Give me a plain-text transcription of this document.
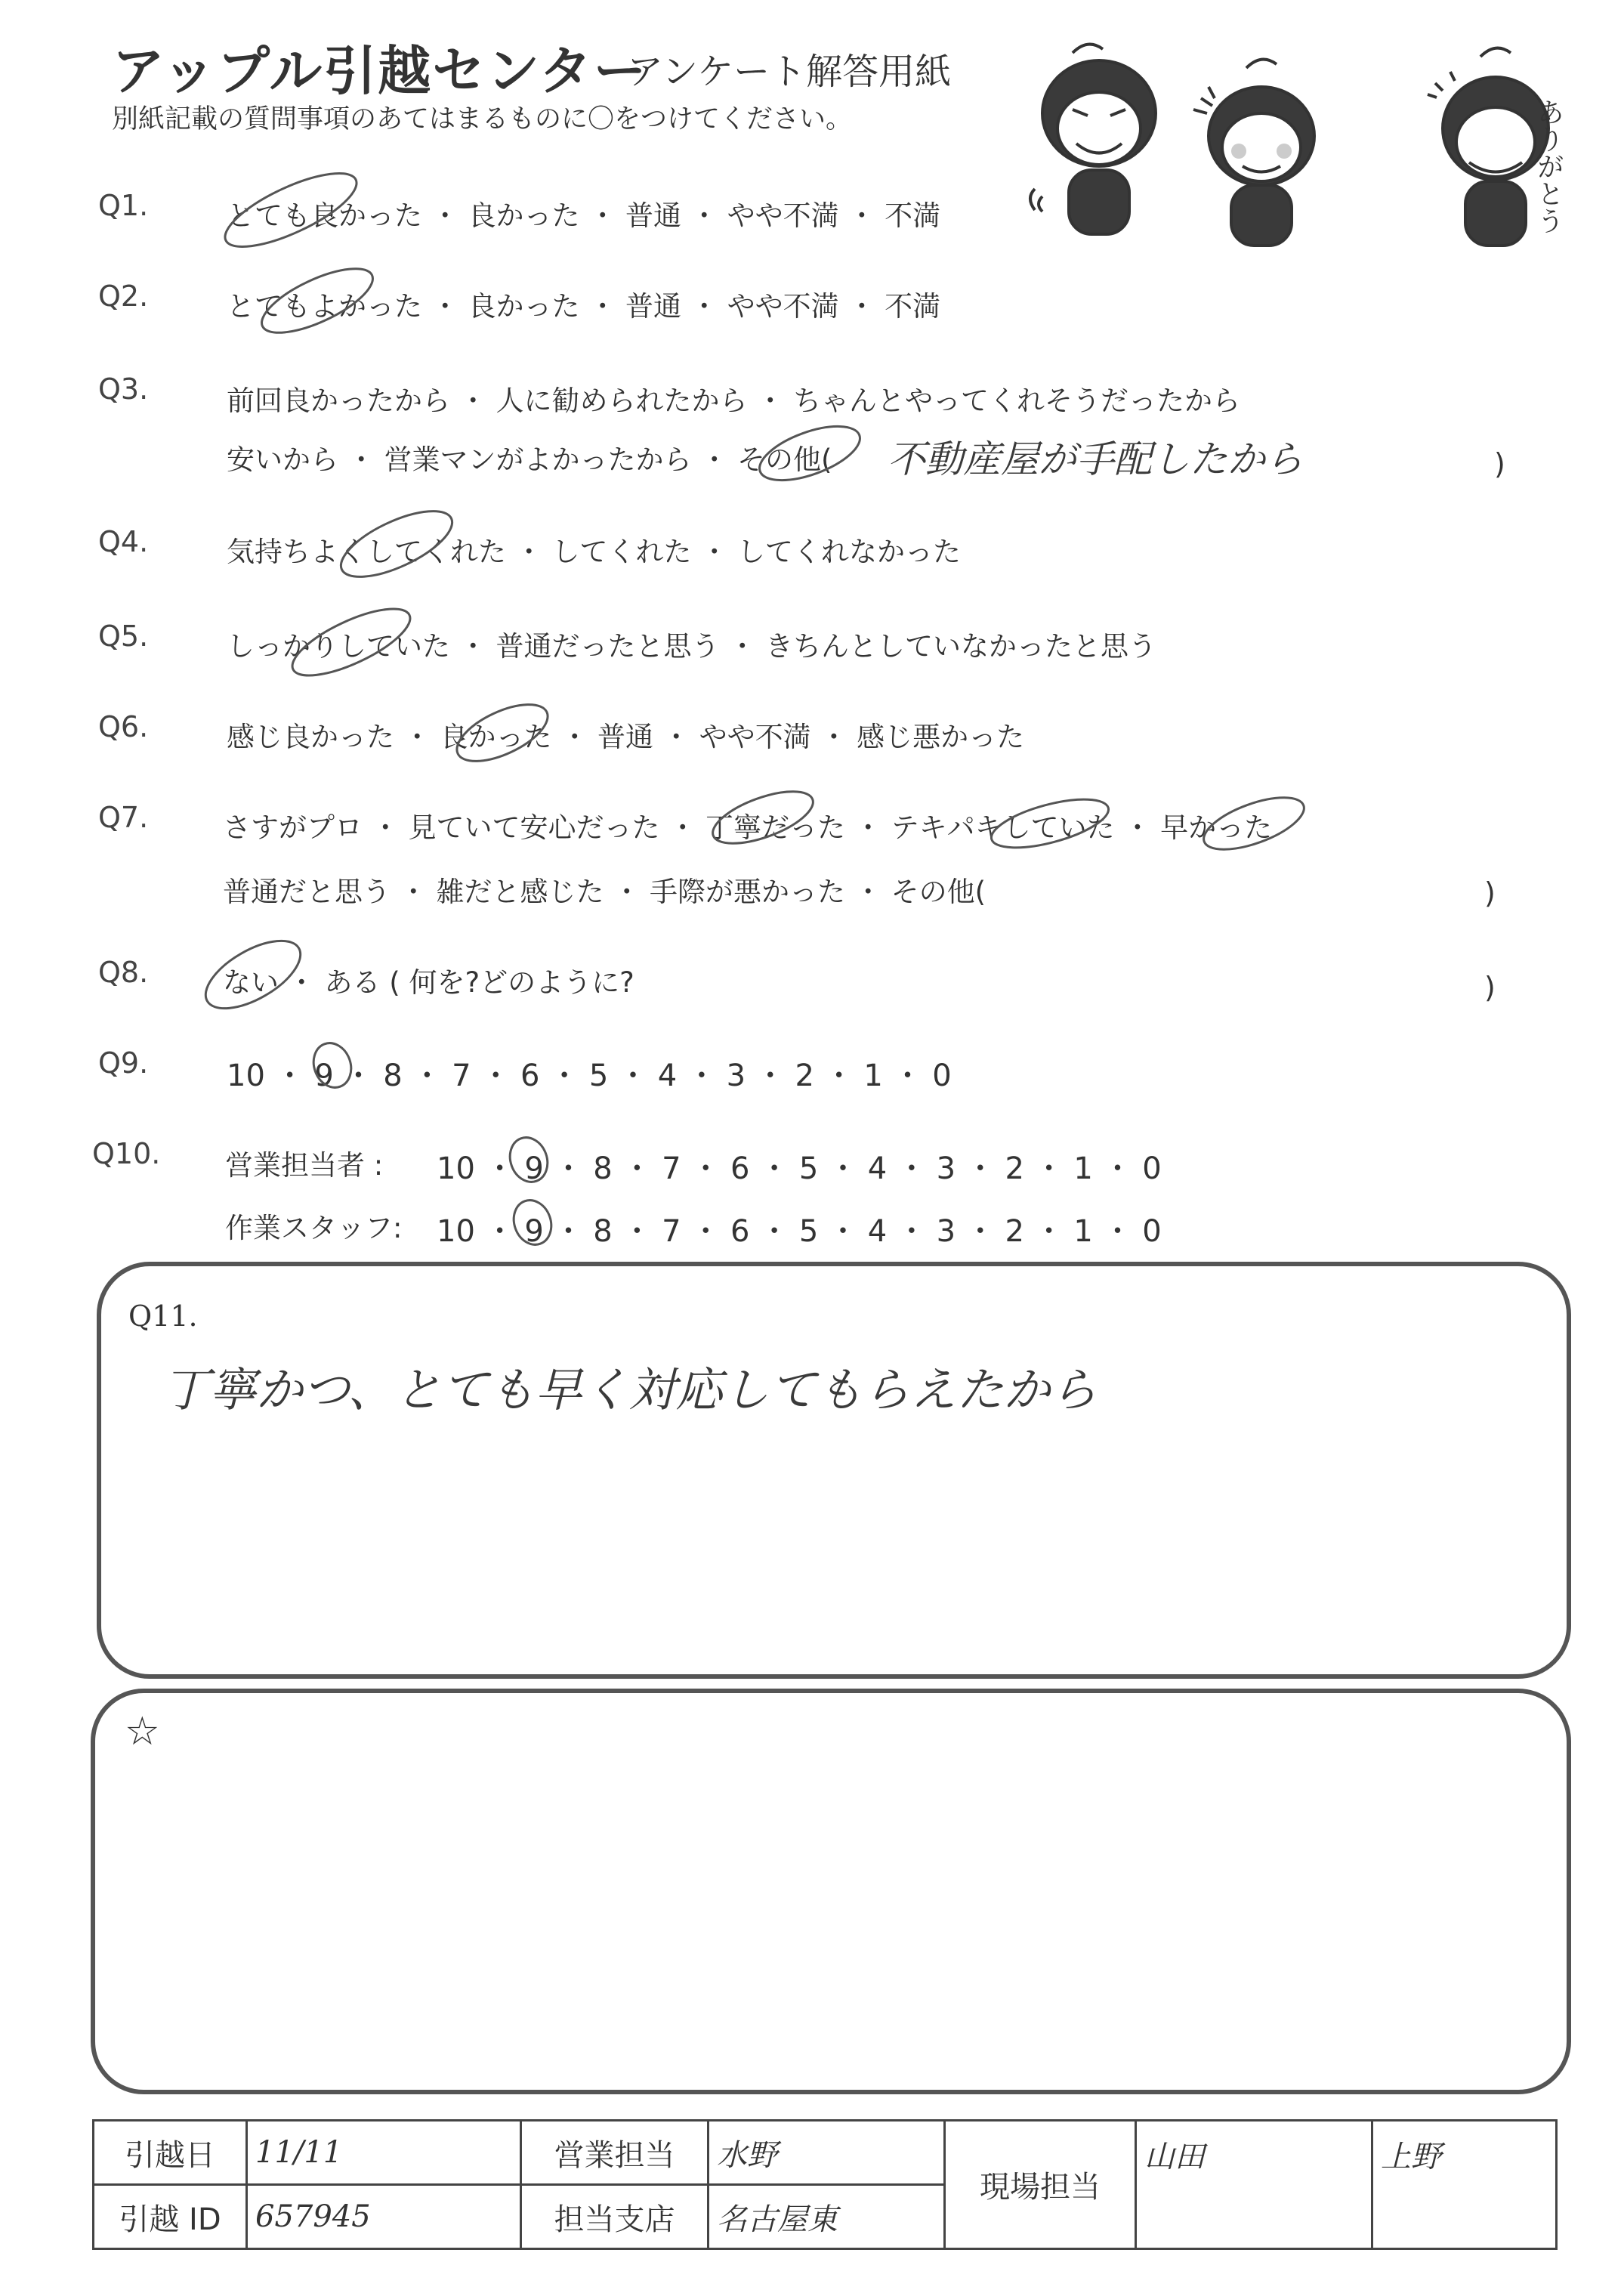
アップル引越センター
アンケート解答用紙
別紙記載の質問事項のあてはまるものに〇をつけてください。	ありがとう
Q1.	とても良かった ・ 良かった ・ 普通 ・ やや不満 ・ 不満
Q2.	とてもよかった ・ 良かった ・ 普通 ・ やや不満 ・ 不満
Q3.	前回良かったから ・ 人に勧められたから ・ ちゃんとやってくれそうだったから
安いから ・ 営業マンがよかったから ・ その他( 不動産屋が手配したから	)
Q4.	気持ちよくしてくれた ・ してくれた ・ してくれなかった
Q5.	しっかりしていた ・ 普通だったと思う ・ きちんとしていなかったと思う
Q6.	感じ良かった ・ 良かった ・ 普通 ・ やや不満 ・ 感じ悪かった
Q7.	さすがプロ ・ 見ていて安心だった ・ 丁寧だった ・ テキパキしていた ・ 早かった
普通だと思う ・ 雑だと感じた ・ 手際が悪かった ・ その他(	)
Q8.	ない ・ ある ( 何を?どのように?	)
Q9.	10 ・ 9 ・ 8 ・ 7 ・ 6 ・ 5 ・ 4 ・ 3 ・ 2 ・ 1 ・ 0
Q10. 営業担当者 : 10 ・ 9 ・ 8 ・ 7 ・ 6 ・ 5 ・ 4 ・ 3 ・ 2 ・ 1 ・ 0
作業スタッフ: 10 ・ 9 ・ 8 ・ 7 ・ 6 ・ 5 ・ 4 ・ 3 ・ 2 ・ 1 ・ 0
Q11.
丁寧かつ、とても早く対応してもらえたから
☆
引越日	11/11	営業担当	水野	現場担当	山田	上野
引越 ID	657945	担当支店	名古屋東			
